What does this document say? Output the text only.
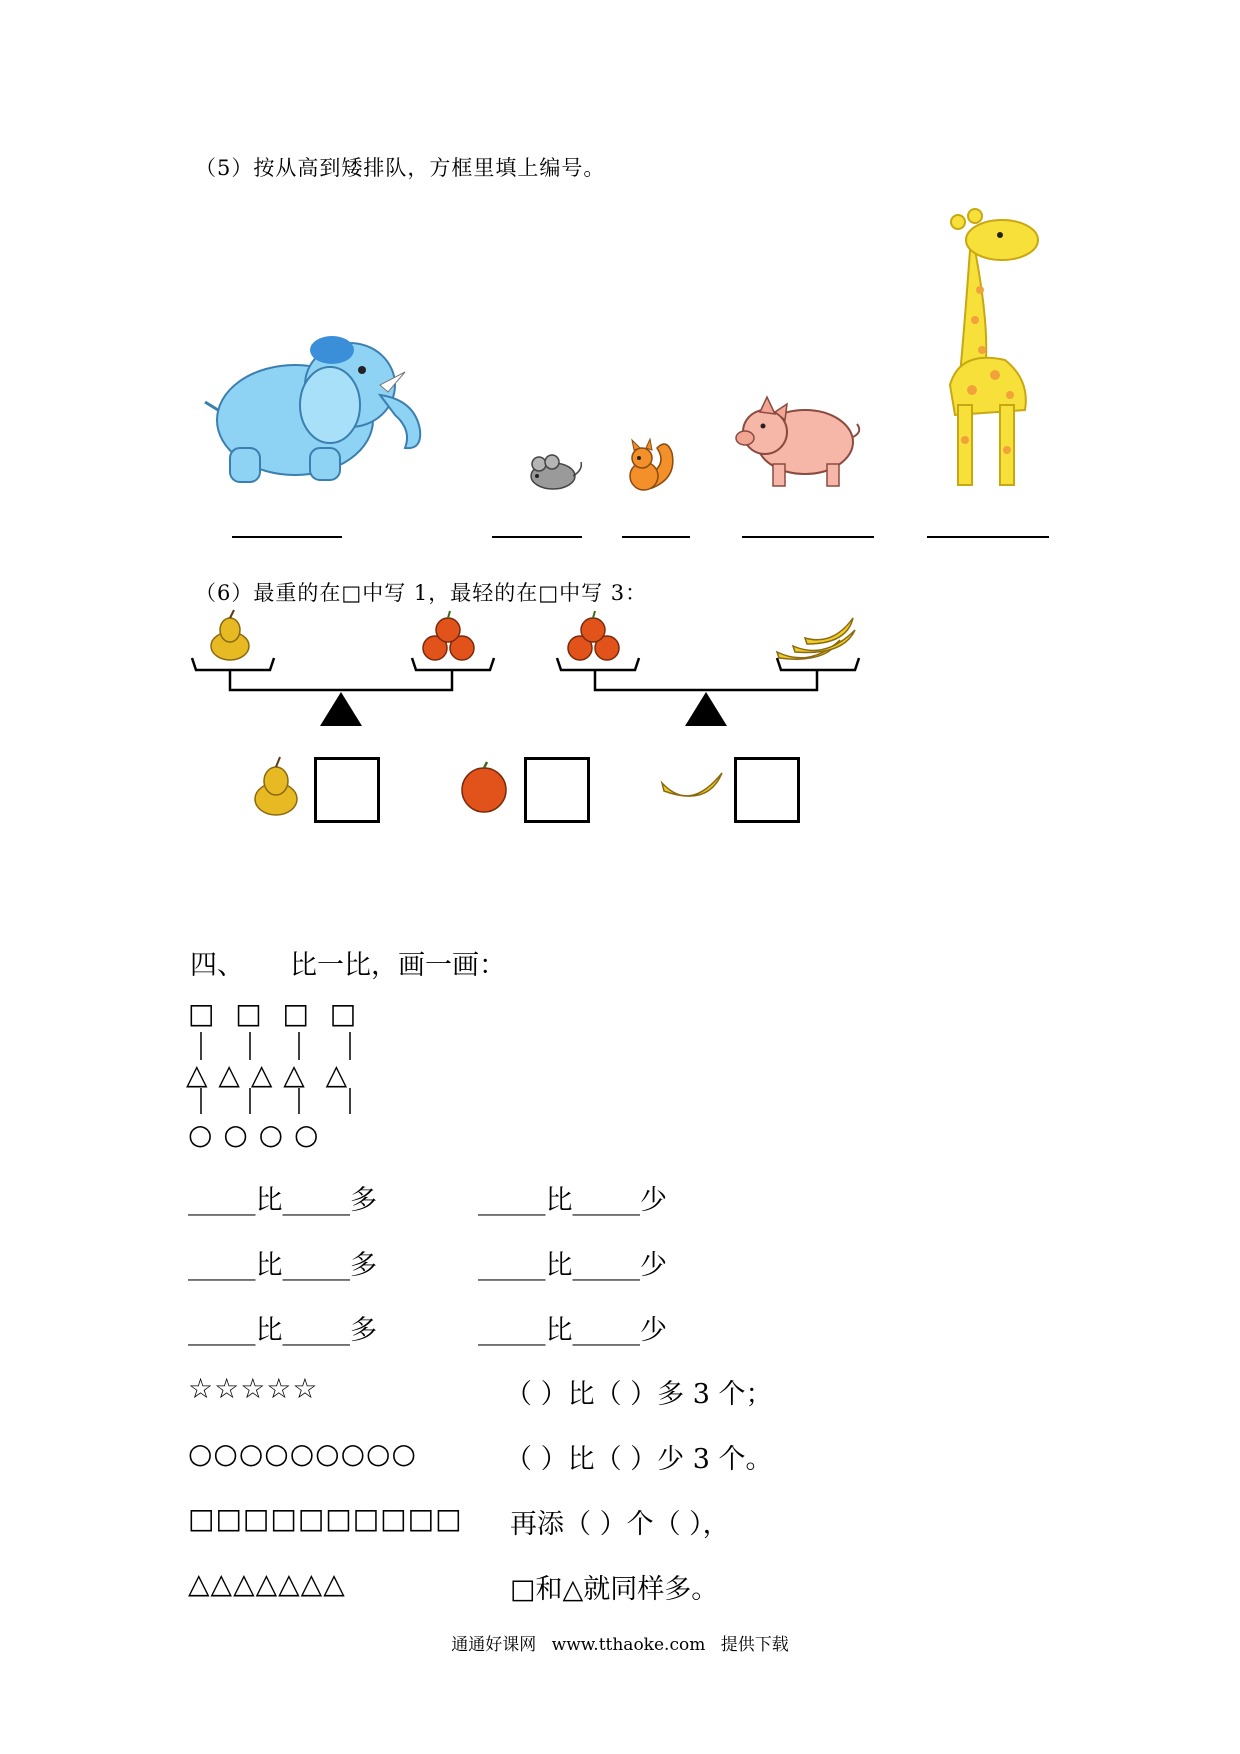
（5）按从高到矮排队，方框里填上编号。
（6）最重的在□中写 1，最轻的在□中写 3：
四、 比一比，画一画：
□  □  □  □
△ △ △ △  △
○ ○ ○ ○
_____比_____多	_____比_____少
_____比_____多	_____比_____少
_____比_____多	_____比_____少
☆☆☆☆☆	（ ）比（ ）多 3 个；
○○○○○○○○○	（ ）比（ ）少 3 个。
□□□□□□□□□□ 再添（ ）个（ ），
△△△△△△△	□和△就同样多。
通通好课网 www.tthaoke.com 提供下载
